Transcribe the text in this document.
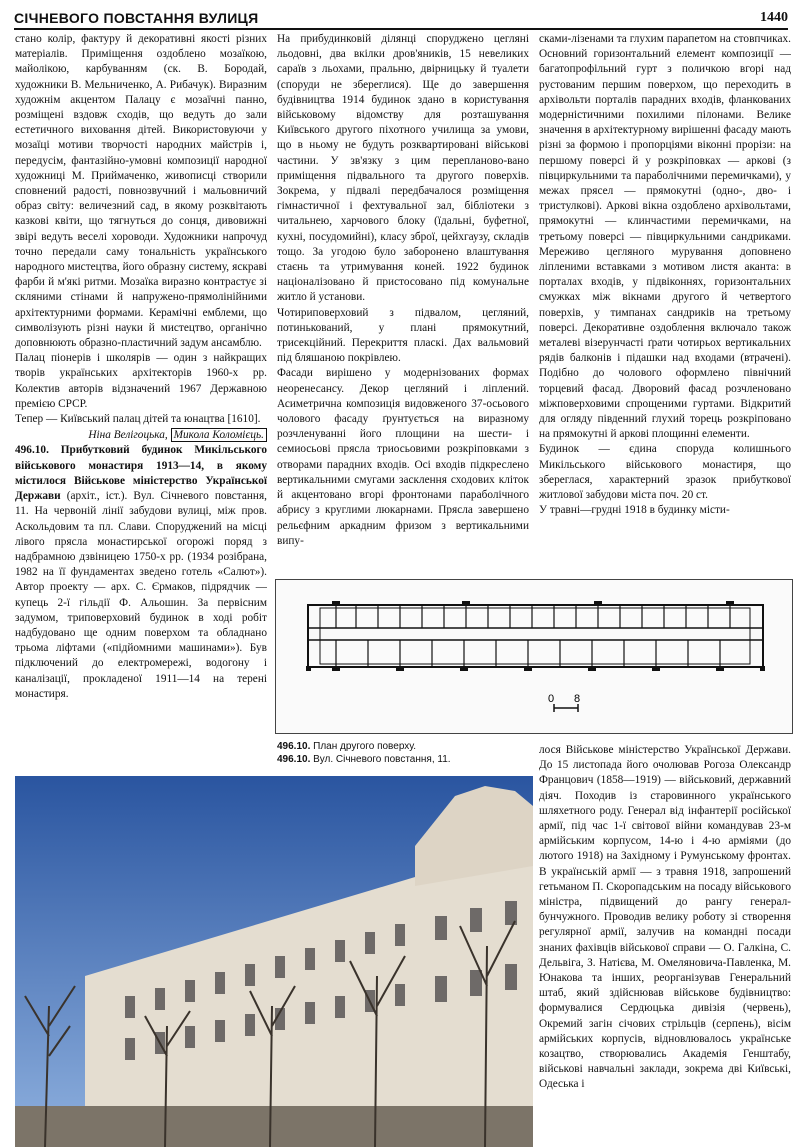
СІЧНЕВОГО ПОВСТАННЯ ВУЛИЦЯ	1440

стано колір, фактуру й декоративні якості різних матеріалів. Приміщення оздоблено мозаїкою, майолікою, карбуванням (ск. В. Бородай, художники В. Мельниченко, А. Рибачук). Виразним художнім акцентом Палацу є мозаїчні панно, розміщені вздовж сходів, що ведуть до зали естетичного виховання дітей. Використовуючи у мозаїці мотиви творчості народних майстрів і, передусім, фантазійно-умовні композиції народної художниці М. Приймаченко, живописці створили сповнений радості, повнозвучний і мальовничий образ світу: величезний сад, в якому розквітають казкові квіти, що тягнуться до сонця, дивовижні звірі ведуть веселі хороводи. Художники напрочуд точно передали саму тональність українського народного мистецтва, його образну систему, яскраві фарби й м'які ритми. Мозаїка виразно контрастує зі скляними стінами й напружено-прямолінійними архітектурними формами. Керамічні емблеми, що символізують різні науки й мистецтво, органічно доповнюють образно-пластичний задум ансамблю.

Палац піонерів і школярів — один з найкращих творів українських архітекторів 1960-х рр. Колектив авторів відзначений 1967 Державною премією СРСР.

Тепер — Київський палац дітей та юнацтва [1610].

Ніна Велігоцька, Микола Коломієць.

496.10. Прибутковий будинок Микільського військового монастиря 1913—14, в якому містилося Військове міністерство Української Держави (архіт., іст.). Вул. Січневого повстання, 11. На червоній лінії забудови вулиці, між пров. Аскольдовим та пл. Слави. Споруджений на місці лівого прясла монастирської огорожі поряд з надбрамною дзвіницею 1750-х рр. (1934 розібрана, 1982 на її фундаментах зведено готель «Салют»). Автор проекту — арх. С. Єрмаков, підрядчик — купець 2-ї гільдії Ф. Альошин. За первісним задумом, триповерховий будинок в ході робіт надбудовано ще одним поверхом та обладнано трьома ліфтами («підйомними машинами»). Був підключений до електромережі, водогону і каналізації, прокладеної 1911—14 на терені монастиря.

На прибудинковій ділянці споруджено цегляні льодовні, два вкілки дров'яників, 15 невеликих сараїв з льохами, пральню, двірницьку й туалети (споруди не збереглися). Ще до завершення будівництва 1914 будинок здано в користування військовому відомству для розташування Київського другого піхотного училища за умови, що в ньому не будуть розквартировані військові частини. У зв'язку з цим перепланово-вано приміщення підвального та другого поверхів. Зокрема, у підвалі передбачалося розміщення гімнастичної і фехтувальної зал, бібліотеки з читальнею, харчового блоку (їдальні, буфетної, кухні, посудомийні), класу зброї, цейхгаузу, складів тощо. За угодою було заборонено влаштування стаєнь та утримування коней. 1922 будинок націоналізовано й пристосовано під комунальне житло й установи.

Чотириповерховий з підвалом, цегляний, потинькований, у плані прямокутний, трисекційний. Перекриття пласкі. Дах вальмовий під бляшаною покрівлею.

Фасади вирішено у модернізованих формах неоренесансу. Декор цегляний і ліплений. Асиметрична композиція видовженого 37-осьового чолового фасаду ґрунтується на виразному розчленуванні його площини на шести- і семиосьові прясла триосьовими розкріповками з отворами парадних входів. Осі входів підкреслено вертикальними смугами засклення сходових кліток й акцентовано вгорі фронтонами параболічного абрису з круглими люкарнами. Прясла завершено рельєфним аркадним фризом з вертикальними випу-

сками-лізенами та глухим парапетом на стовпчиках. Основний горизонтальний елемент композиції — багатопрофільний гурт з поличкою вгорі над рустованим першим поверхом, що переходить в архівольти порталів парадних входів, фланкованих модерністичними похилими пілонами. Велике значення в архітектурному вирішенні фасаду мають різні за формою і пропорціями віконні прорізи: на першому поверсі й у розкріповках — аркові (з півциркульними та параболічними перемичками), у межах прясел — прямокутні (одно-, дво- і тристулкові). Аркові вікна оздоблено архівольтами, прямокутні — клинчастими перемичками, на третьому поверсі — півциркульними сандриками. Мереживо цегляного мурування доповнено ліпленими вставками з мотивом листя аканта: в порталах входів, у підвіконнях, горизонтальних смужках між вікнами другого й четвертого поверхів, у тимпанах сандриків на третьому поверсі. Декоративне оздоблення включало також металеві візерунчасті ґрати чотирьох вертикальних рядів балконів і підашки над входами (втрачені). Подібно до чолового оформлено північний торцевий фасад. Дворовий фасад розчленовано міжповерховими спрощеними гуртами. Відкритий для огляду південний глухий торець розкріповано на прямокутні й аркові площинні елементи.

Будинок — єдина споруда колишнього Микільського військового монастиря, що збереглася, характерний зразок прибуткової житлової забудови міста поч. 20 ст.

У травні—грудні 1918 в будинку місти-

0 8
496.10. План другого поверху.
496.10. Вул. Січневого повстання, 11.

лося Військове міністерство Української Держави. До 15 листопада його очолював Рогоза Олександр Францович (1858—1919) — військовий, державний діяч. Походив із старовинного українського шляхетного роду. Генерал від інфантерії російської армії, під час 1-ї світової війни командував 23-м армійським корпусом, 14-ю і 4-ю арміями (до лютого 1918) на Західному і Румунському фронтах. В українській армії — з травня 1918, запрошений гетьманом П. Скоропадським на посаду військового міністра, підвищений до рангу генерал-бунчужного. Проводив велику роботу зі створення регулярної армії, залучив на командні посади знаних фахівців військової справи — О. Галкіна, С. Дельвіга, З. Натієва, М. Омеляновича-Павленка, М. Юнакова та інших, реорганізував Генеральний штаб, який здійснював військове будівництво: формувалися Сердюцька дивізія (червень), Окремий загін січових стрільців (серпень), вісім армійських корпусів, відновлювалось українське козацтво, створювались Академія Генштабу, військові навчальні заклади, зокрема дві Київські, Одеська і
